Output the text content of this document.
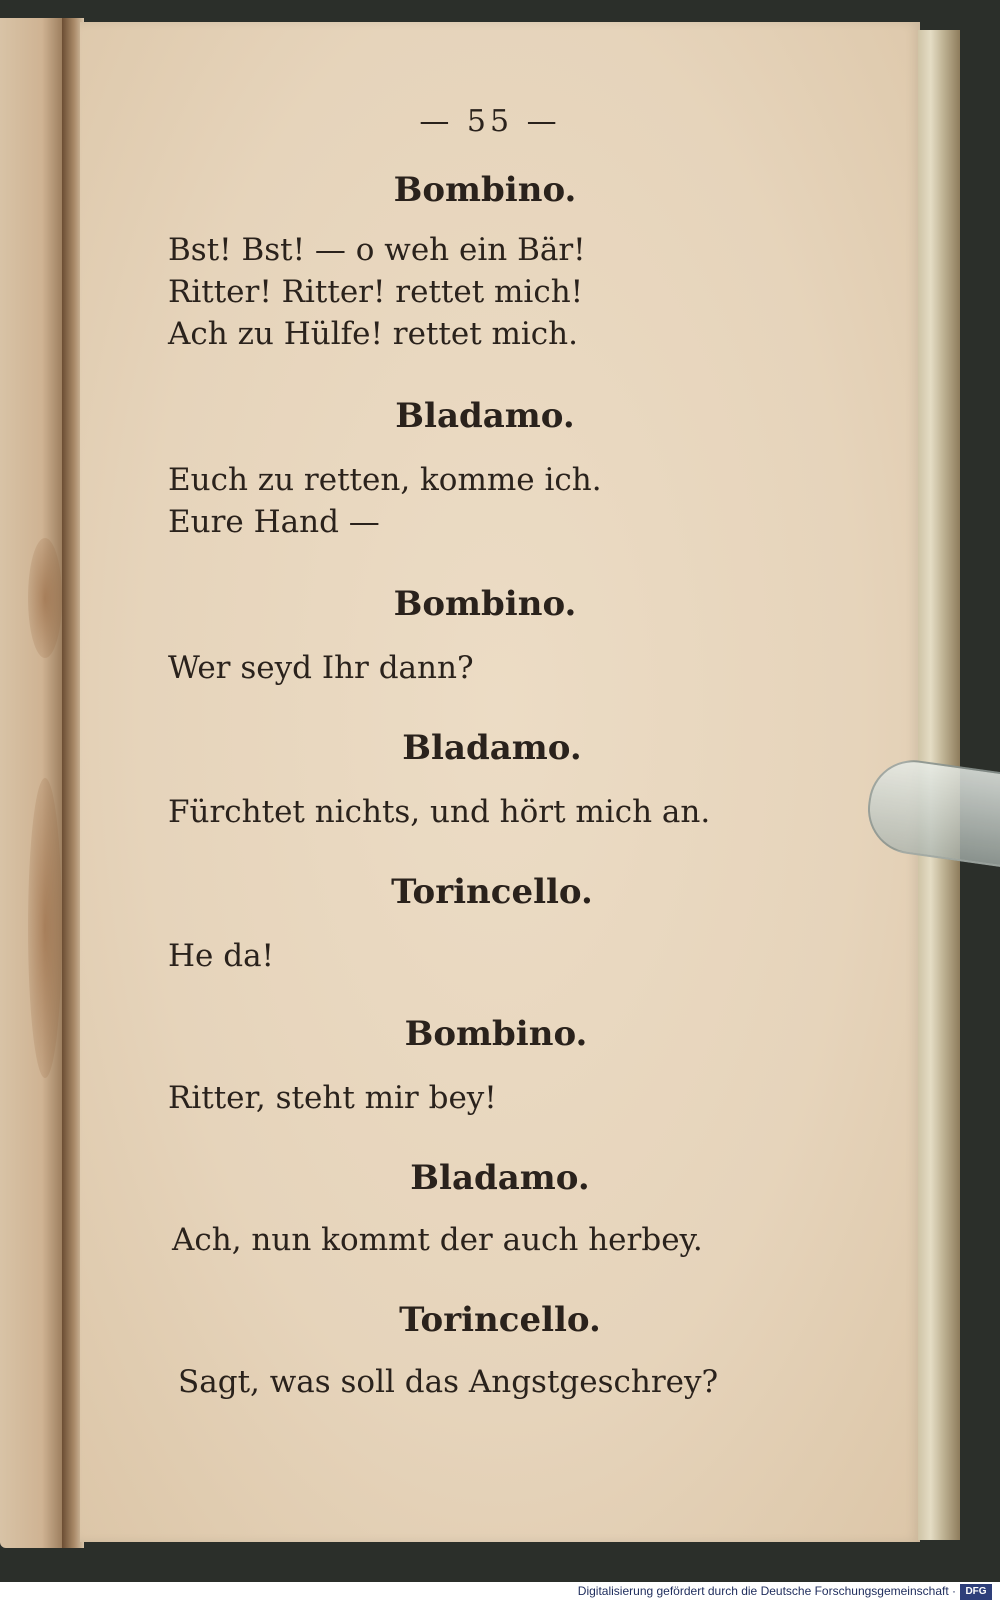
— 55 —
Bombino.
Bst! Bst! — o weh ein Bär!
Ritter! Ritter! rettet mich!
Ach zu Hülfe! rettet mich.
Bladamo.
Euch zu retten, komme ich.
Eure Hand —
Bombino.
Wer seyd Ihr dann?
Bladamo.
Fürchtet nichts, und hört mich an.
Torincello.
He da!
Bombino.
Ritter, steht mir bey!
Bladamo.
Ach, nun kommt der auch herbey.
Torincello.
Sagt, was soll das Angstgeschrey?
Digitalisierung gefördert durch die Deutsche Forschungsgemeinschaft · DFG
